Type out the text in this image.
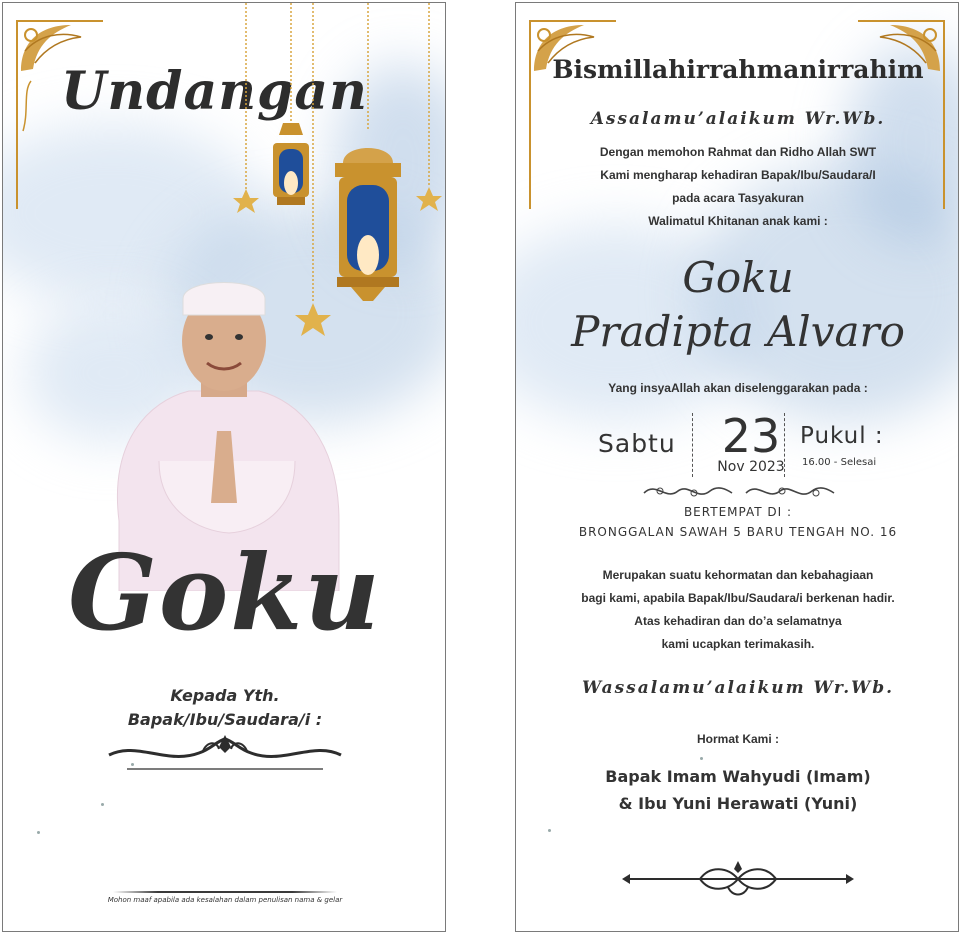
Undangan
Goku
Kepada Yth.
Bapak/Ibu/Saudara/i :
Mohon maaf apabila ada kesalahan dalam penulisan nama & gelar
Bismillahirrahmanirrahim
Assalamu’alaikum Wr.Wb.
Dengan memohon Rahmat dan Ridho Allah SWT
Kami mengharap kehadiran Bapak/Ibu/Saudara/I
pada acara Tasyakuran
Walimatul Khitanan anak kami :
Goku
Pradipta Alvaro
Yang insyaAllah akan diselenggarakan pada :
Sabtu	23
Nov 2023
Pukul :
16.00 - Selesai
BERTEMPAT DI :
BRONGGALAN SAWAH 5 BARU TENGAH NO. 16
Merupakan suatu kehormatan dan kebahagiaan
bagi kami, apabila Bapak/Ibu/Saudara/i berkenan hadir.
Atas kehadiran dan do’a selamatnya
kami ucapkan terimakasih.
Wassalamu’alaikum Wr.Wb.
Hormat Kami :
Bapak Imam Wahyudi (Imam)
& Ibu Yuni Herawati (Yuni)
